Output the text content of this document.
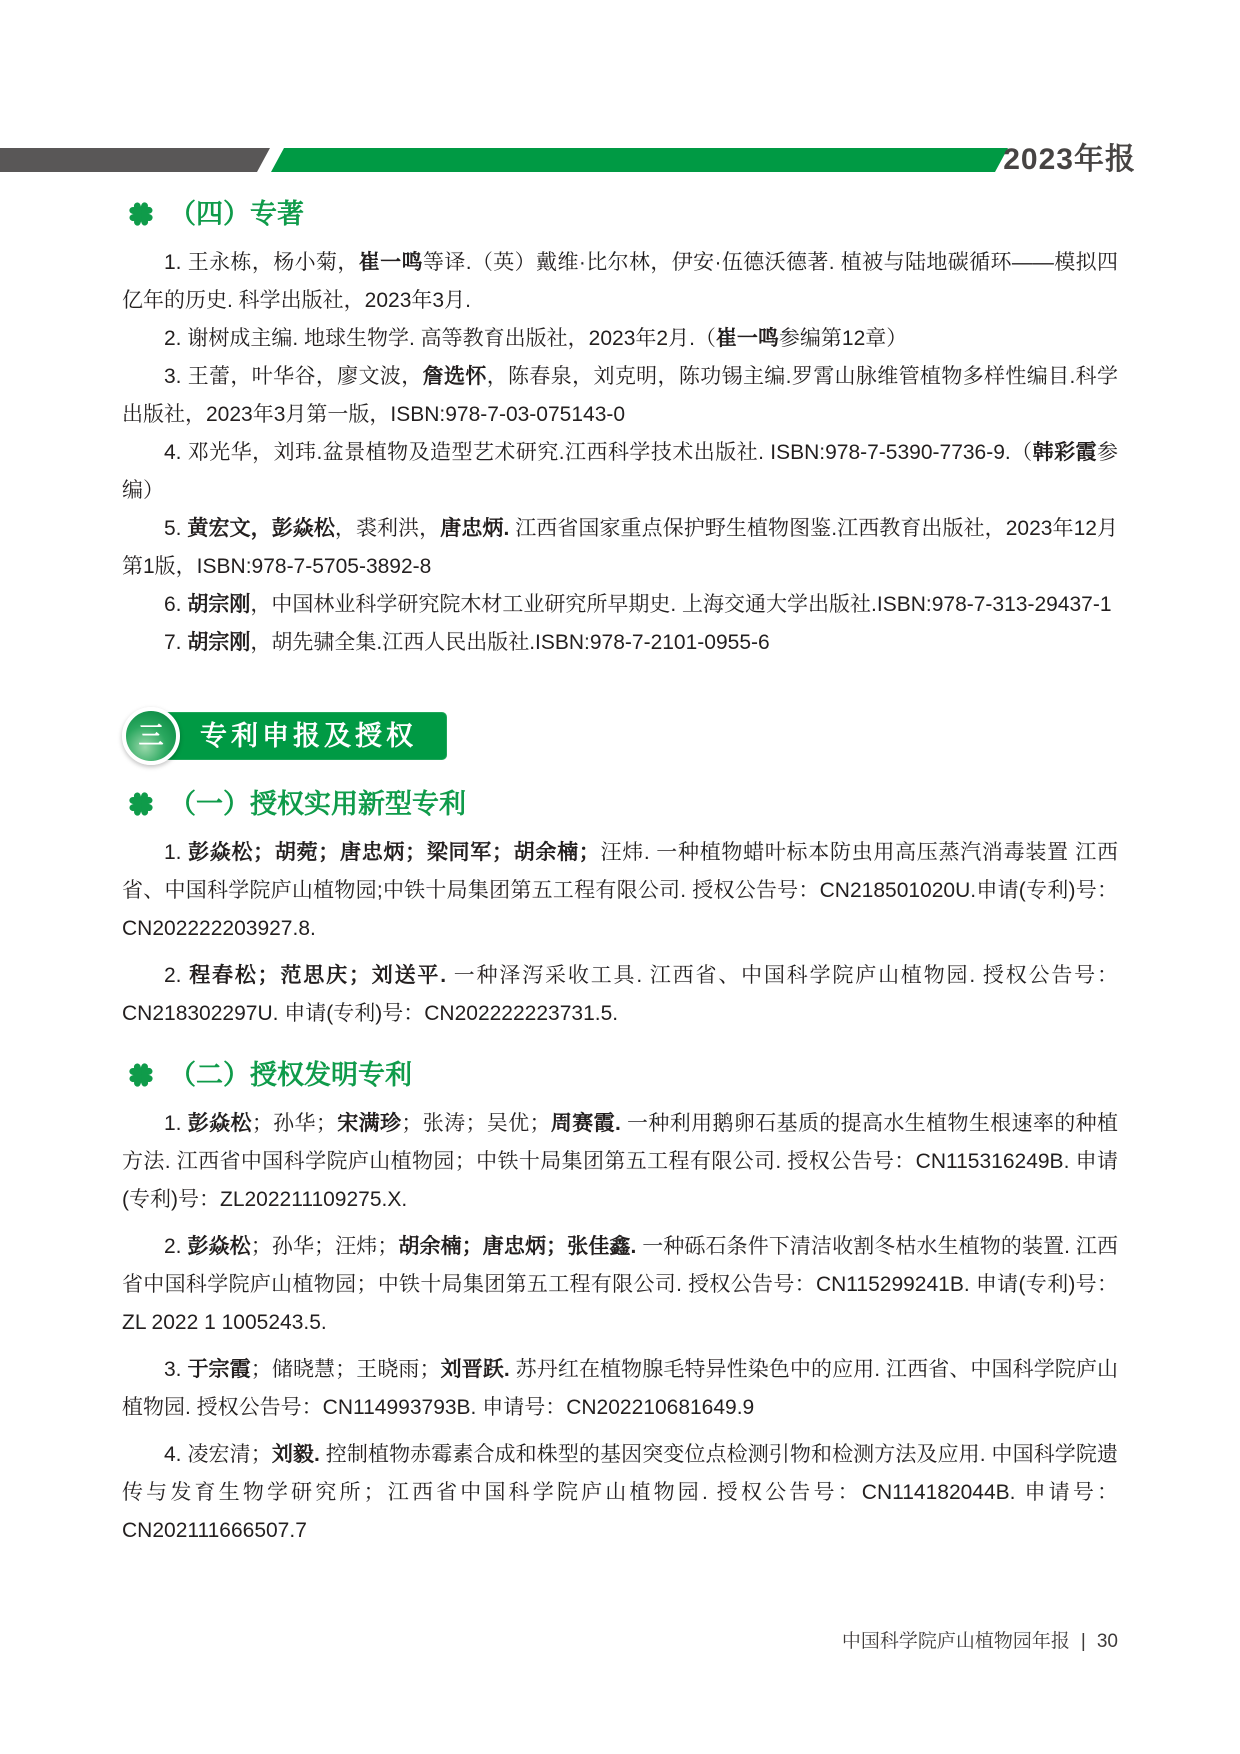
2023年报
（四）专著

1. 王永栋，杨小菊，崔一鸣等译.（英）戴维·比尔林，伊安·伍德沃德著. 植被与陆地碳循环——模拟四亿年的历史. 科学出版社，2023年3月.

2. 谢树成主编. 地球生物学. 高等教育出版社，2023年2月.（崔一鸣参编第12章）

3. 王蕾，叶华谷，廖文波，詹选怀，陈春泉，刘克明，陈功锡主编.罗霄山脉维管植物多样性编目.科学出版社，2023年3月第一版，ISBN:978-7-03-075143-0

4. 邓光华，刘玮.盆景植物及造型艺术研究.江西科学技术出版社. ISBN:978-7-5390-7736-9.（韩彩霞参编）

5. 黄宏文，彭焱松，裘利洪，唐忠炳. 江西省国家重点保护野生植物图鉴.江西教育出版社，2023年12月第1版，ISBN:978-7-5705-3892-8

6. 胡宗刚，中国林业科学研究院木材工业研究所早期史. 上海交通大学出版社.ISBN:978-7-313-29437-1

7. 胡宗刚，胡先骕全集.江西人民出版社.ISBN:978-7-2101-0955-6

三 专利申报及授权
（一）授权实用新型专利

1. 彭焱松；胡菀；唐忠炳；梁同军；胡余楠；汪炜. 一种植物蜡叶标本防虫用高压蒸汽消毒装置 江西省、中国科学院庐山植物园;中铁十局集团第五工程有限公司. 授权公告号：CN218501020U.申请(专利)号：CN202222203927.8.

2. 程春松；范思庆；刘送平. 一种泽泻采收工具. 江西省、中国科学院庐山植物园. 授权公告号：CN218302297U. 申请(专利)号：CN202222223731.5.

（二）授权发明专利

1. 彭焱松；孙华；宋满珍；张涛；吴优；周赛霞. 一种利用鹅卵石基质的提高水生植物生根速率的种植方法. 江西省中国科学院庐山植物园；中铁十局集团第五工程有限公司. 授权公告号：CN115316249B. 申请(专利)号：ZL202211109275.X.

2. 彭焱松；孙华；汪炜；胡余楠；唐忠炳；张佳鑫. 一种砾石条件下清洁收割冬枯水生植物的装置. 江西省中国科学院庐山植物园；中铁十局集团第五工程有限公司. 授权公告号：CN115299241B. 申请(专利)号：ZL 2022 1 1005243.5.

3. 于宗霞；储晓慧；王晓雨；刘晋跃. 苏丹红在植物腺毛特异性染色中的应用. 江西省、中国科学院庐山植物园. 授权公告号：CN114993793B. 申请号：CN202210681649.9

4. 凌宏清；刘毅. 控制植物赤霉素合成和株型的基因突变位点检测引物和检测方法及应用. 中国科学院遗传与发育生物学研究所；江西省中国科学院庐山植物园. 授权公告号：CN114182044B. 申请号：CN202111666507.7

中国科学院庐山植物园年报 | 30
